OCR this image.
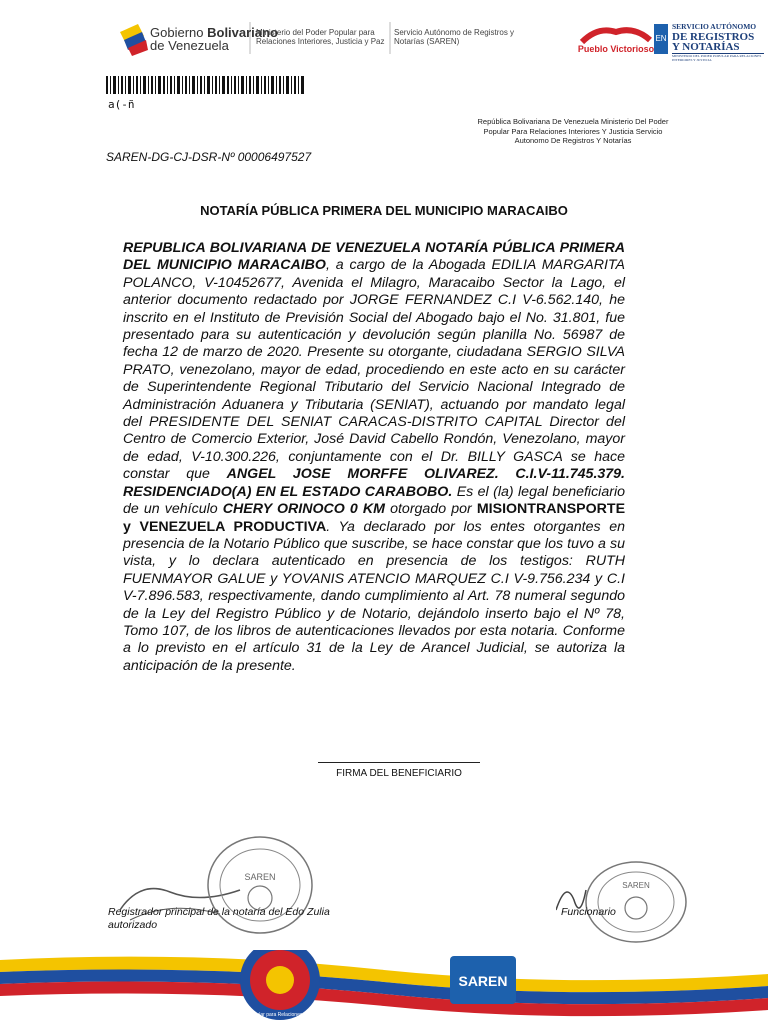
Gobierno Bolivariano
de Venezuela
Ministerio del Poder Popular para Relaciones Interiores, Justicia y Paz
Servicio Autónomo de Registros y Notarías (SAREN)
Pueblo Victorioso
EN
SERVICIO AUTÓNOMO
DE REGISTROS
Y NOTARÍAS
MINISTERIO DEL PODER POPULAR PARA RELACIONES INTERIORES Y JUSTICIA
a(-ñ
República Bolivariana De Venezuela Ministerio Del Poder Popular Para Relaciones Interiores Y Justicia Servicio Autonomo De Registros Y Notarías
SAREN-DG-CJ-DSR-Nº 00006497527
NOTARÍA PÚBLICA PRIMERA DEL MUNICIPIO MARACAIBO
REPUBLICA BOLIVARIANA DE VENEZUELA NOTARÍA PÚBLICA PRIMERA DEL MUNICIPIO MARACAIBO, a cargo de la Abogada EDILIA MARGARITA POLANCO, V-10452677, Avenida el Milagro, Maracaibo Sector la Lago, el anterior documento redactado por JORGE FERNANDEZ C.I V-6.562.140, he inscrito en el Instituto de Previsión Social del Abogado bajo el No. 31.801, fue presentado para su autenticación y devolución según planilla No. 56987 de fecha 12 de marzo de 2020. Presente su otorgante, ciudadana SERGIO SILVA PRATO, venezolano, mayor de edad, procediendo en este acto en su carácter de Superintendente Regional Tributario del Servicio Nacional Integrado de Administración Aduanera y Tributaria (SENIAT), actuando por mandato legal del PRESIDENTE DEL SENIAT CARACAS-DISTRITO CAPITAL Director del Centro de Comercio Exterior, José David Cabello Rondón, Venezolano, mayor de edad, V-10.300.226, conjuntamente con el Dr. BILLY GASCA se hace constar que ANGEL JOSE MORFFE OLIVAREZ. C.I.V-11.745.379. RESIDENCIADO(A) EN EL ESTADO CARABOBO. Es el (la) legal beneficiario de un vehículo CHERY ORINOCO 0 KM otorgado por MISIONTRANSPORTE y VENEZUELA PRODUCTIVA. Ya declarado por los entes otorgantes en presencia de la Notario Público que suscribe, se hace constar que los tuvo a su vista, y lo declara autenticado en presencia de los testigos: RUTH FUENMAYOR GALUE y YOVANIS ATENCIO MARQUEZ C.I V-9.756.234 y C.I V-7.896.583, respectivamente, dando cumplimiento al Art. 78 numeral segundo de la Ley del Registro Público y de Notario, dejándolo inserto bajo el Nº 78, Tomo 107, de los libros de autenticaciones llevados por esta notaria. Conforme a lo previsto en el artículo 31 de la Ley de Arancel Judicial, se autoriza la anticipación de la presente.
FIRMA DEL BENEFICIARIO
SAREN
SAREN
Registrador principal de la notaría del Edo Zulia
autorizado
Funcionario
Ministerio del Poder Popular para Relaciones Interiores, Justicia y Paz
SAREN
